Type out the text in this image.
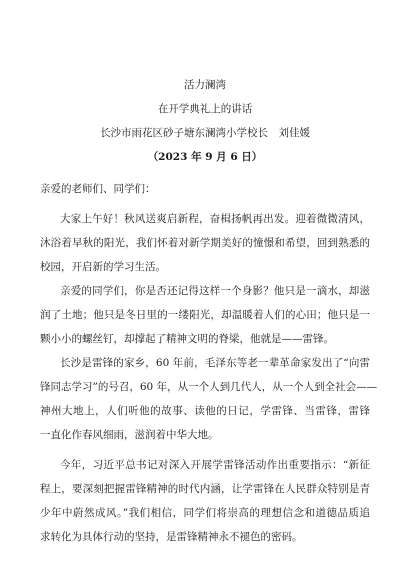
活力澜湾
在开学典礼上的讲话
长沙市雨花区砂子塘东澜湾小学校长　刘佳媛
（2023 年 9 月 6 日）
亲爱的老师们、同学们：
大家上午好！秋风送爽启新程，奋楫扬帆再出发。迎着微微清风，
沐浴着早秋的阳光，我们怀着对新学期美好的憧憬和希望，回到熟悉的
校园，开启新的学习生活。
亲爱的同学们，你是否还记得这样一个身影？他只是一滴水，却滋
润了土地；他只是冬日里的一缕阳光，却温暖着人们的心田；他只是一
颗小小的螺丝钉，却撑起了精神文明的脊梁，他就是——雷锋。
长沙是雷锋的家乡，60 年前，毛泽东等老一辈革命家发出了“向雷
锋同志学习”的号召，60 年，从一个人到几代人，从一个人到全社会——
神州大地上，人们听他的故事、读他的日记，学雷锋、当雷锋，雷锋
一直化作春风细雨，滋润着中华大地。
今年，习近平总书记对深入开展学雷锋活动作出重要指示：“新征
程上，要深刻把握雷锋精神的时代内涵，让学雷锋在人民群众特别是青
少年中蔚然成风。”我们相信，同学们将崇高的理想信念和道德品质追
求转化为具体行动的坚持，是雷锋精神永不褪色的密码。
